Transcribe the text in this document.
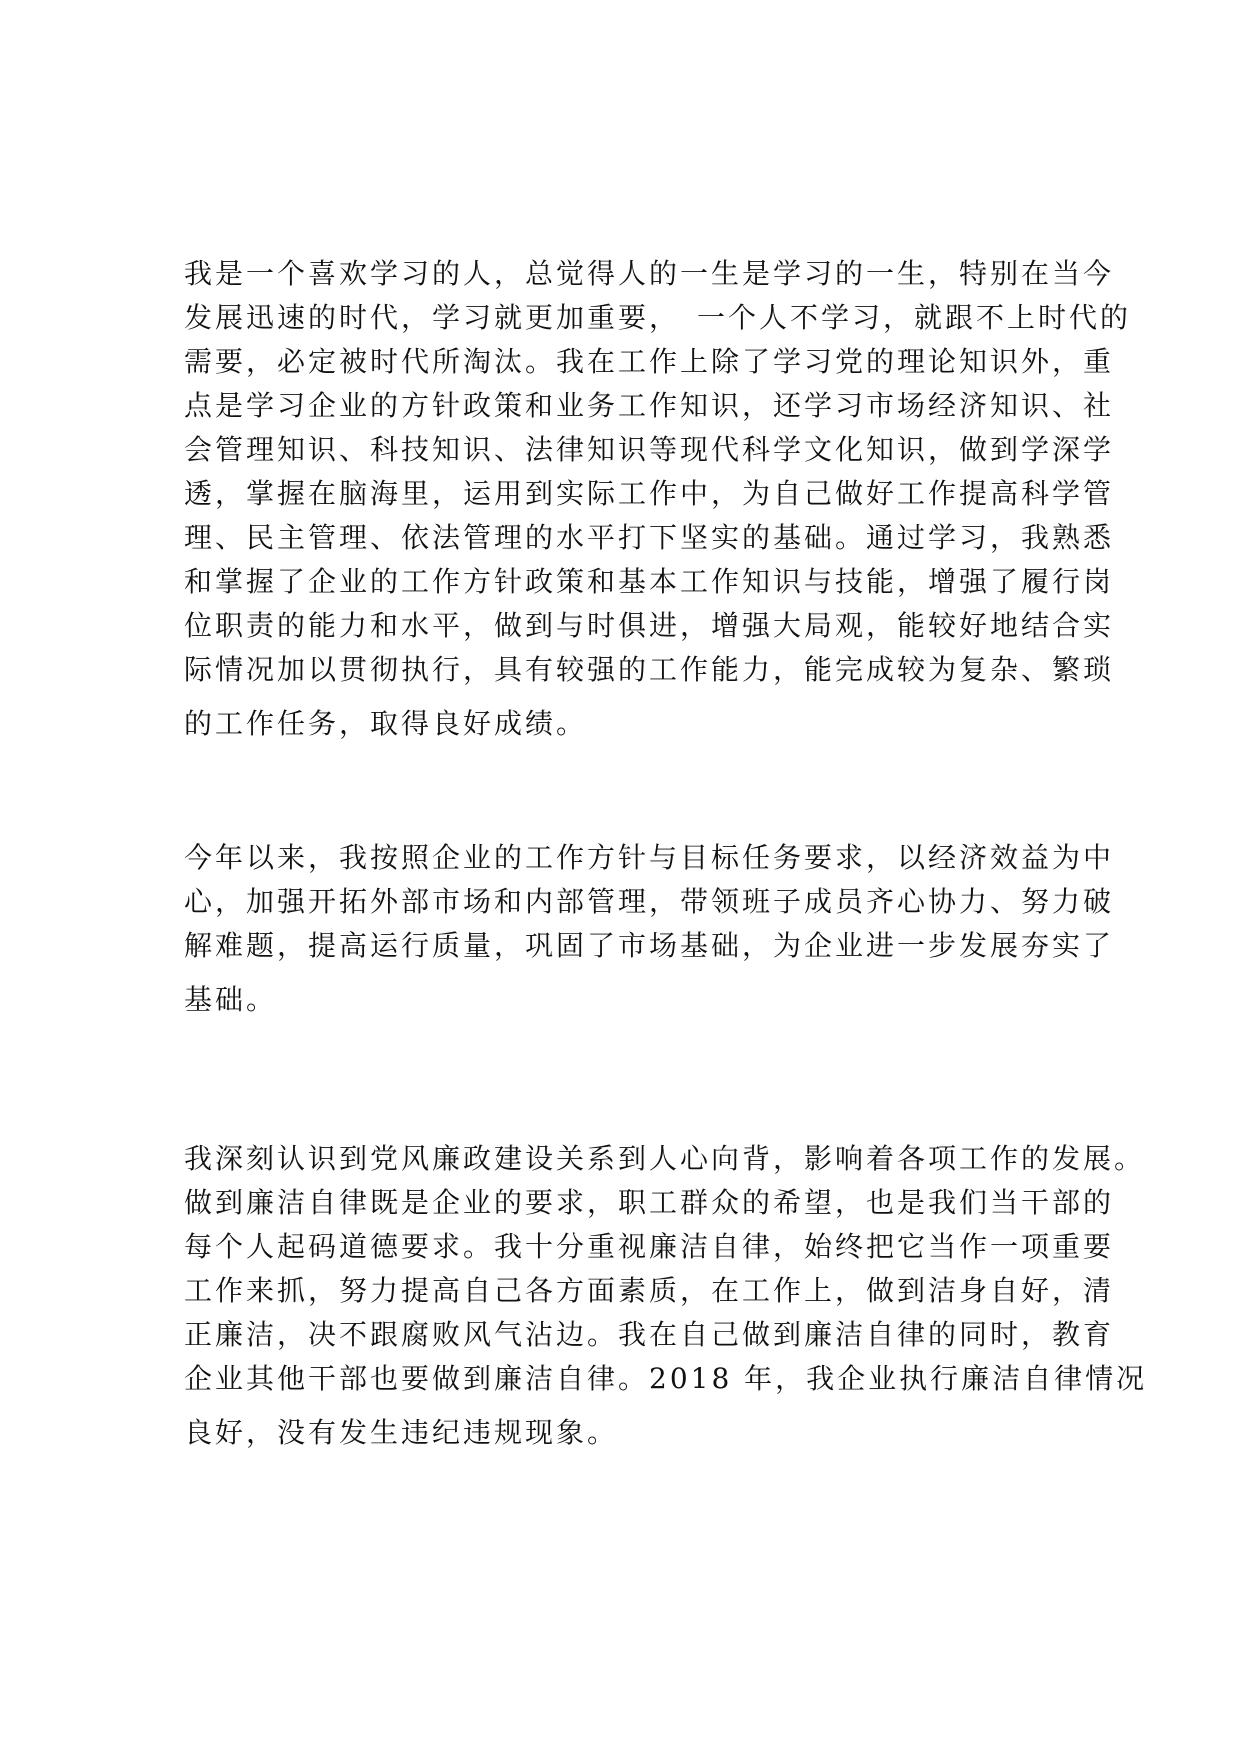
我是一个喜欢学习的人，总觉得人的一生是学习的一生，特别在当今
发展迅速的时代，学习就更加重要，　一个人不学习，就跟不上时代的
需要，必定被时代所淘汰。我在工作上除了学习党的理论知识外，重
点是学习企业的方针政策和业务工作知识，还学习市场经济知识、社
会管理知识、科技知识、法律知识等现代科学文化知识，做到学深学
透，掌握在脑海里，运用到实际工作中，为自己做好工作提高科学管
理、民主管理、依法管理的水平打下坚实的基础。通过学习，我熟悉
和掌握了企业的工作方针政策和基本工作知识与技能，增强了履行岗
位职责的能力和水平，做到与时俱进，增强大局观，能较好地结合实
际情况加以贯彻执行，具有较强的工作能力，能完成较为复杂、繁琐
的工作任务，取得良好成绩。
今年以来，我按照企业的工作方针与目标任务要求，以经济效益为中
心，加强开拓外部市场和内部管理，带领班子成员齐心协力、努力破
解难题，提高运行质量，巩固了市场基础，为企业进一步发展夯实了
基础。
我深刻认识到党风廉政建设关系到人心向背，影响着各项工作的发展。
做到廉洁自律既是企业的要求，职工群众的希望，也是我们当干部的
每个人起码道德要求。我十分重视廉洁自律，始终把它当作一项重要
工作来抓，努力提高自己各方面素质，在工作上，做到洁身自好，清
正廉洁，决不跟腐败风气沾边。我在自己做到廉洁自律的同时，教育
企业其他干部也要做到廉洁自律。2018 年，我企业执行廉洁自律情况
良好，没有发生违纪违规现象。
